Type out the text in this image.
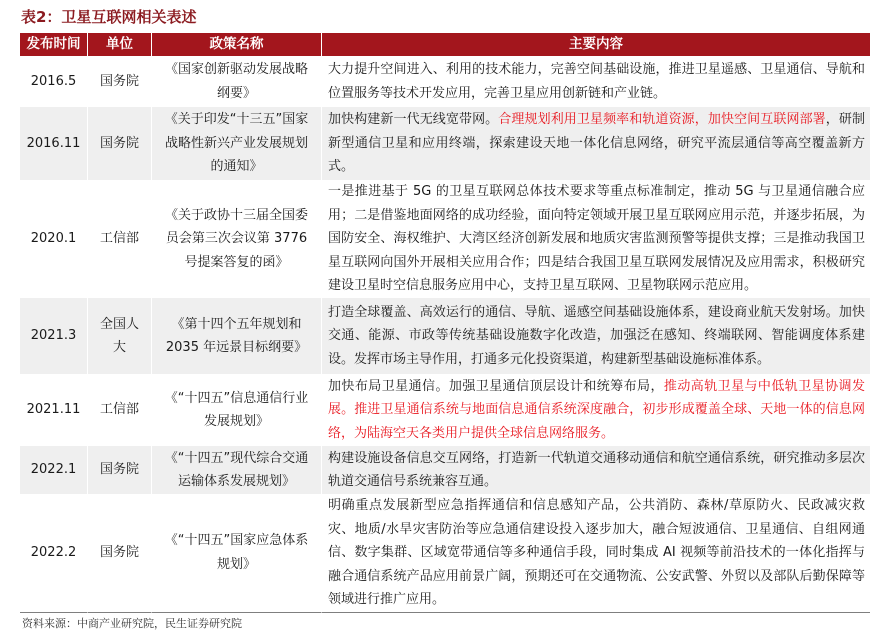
表2：卫星互联网相关表述
发布时间	单位	政策名称	主要内容
2016.5	国务院	《国家创新驱动发展战略纲要》	大力提升空间进入、利用的技术能力，完善空间基础设施，推进卫星遥感、卫星通信、导航和位置服务等技术开发应用，完善卫星应用创新链和产业链。
2016.11	国务院	《关于印发“十三五”国家战略性新兴产业发展规划的通知》	加快构建新一代无线宽带网。合理规划利用卫星频率和轨道资源，加快空间互联网部署，研制新型通信卫星和应用终端，探索建设天地一体化信息网络，研究平流层通信等高空覆盖新方式。
2020.1	工信部	《关于政协十三届全国委员会第三次会议第 3776 号提案答复的函》	一是推进基于 5G 的卫星互联网总体技术要求等重点标准制定，推动 5G 与卫星通信融合应用；二是借鉴地面网络的成功经验，面向特定领域开展卫星互联网应用示范，并逐步拓展，为国防安全、海权维护、大湾区经济创新发展和地质灾害监测预警等提供支撑；三是推动我国卫星互联网向国外开展相关应用合作；四是结合我国卫星互联网发展情况及应用需求，积极研究建设卫星时空信息服务应用中心，支持卫星互联网、卫星物联网示范应用。
2021.3	全国人大	《第十四个五年规划和 2035 年远景目标纲要》	打造全球覆盖、高效运行的通信、导航、遥感空间基础设施体系，建设商业航天发射场。加快交通、能源、市政等传统基础设施数字化改造，加强泛在感知、终端联网、智能调度体系建设。发挥市场主导作用，打通多元化投资渠道，构建新型基础设施标准体系。
2021.11	工信部	《“十四五”信息通信行业发展规划》	加快布局卫星通信。加强卫星通信顶层设计和统筹布局，推动高轨卫星与中低轨卫星协调发展。推进卫星通信系统与地面信息通信系统深度融合，初步形成覆盖全球、天地一体的信息网络，为陆海空天各类用户提供全球信息网络服务。
2022.1	国务院	《“十四五”现代综合交通运输体系发展规划》	构建设施设备信息交互网络，打造新一代轨道交通移动通信和航空通信系统，研究推动多层次轨道交通信号系统兼容互通。
2022.2	国务院	《“十四五”国家应急体系规划》	明确重点发展新型应急指挥通信和信息感知产品，公共消防、森林/草原防火、民政减灾救灾、地质/水旱灾害防治等应急通信建设投入逐步加大，融合短波通信、卫星通信、自组网通信、数字集群、区域宽带通信等多种通信手段，同时集成 AI 视频等前沿技术的一体化指挥与融合通信系统产品应用前景广阔，预期还可在交通物流、公安武警、外贸以及部队后勤保障等领域进行推广应用。
资料来源：中商产业研究院，民生证券研究院
